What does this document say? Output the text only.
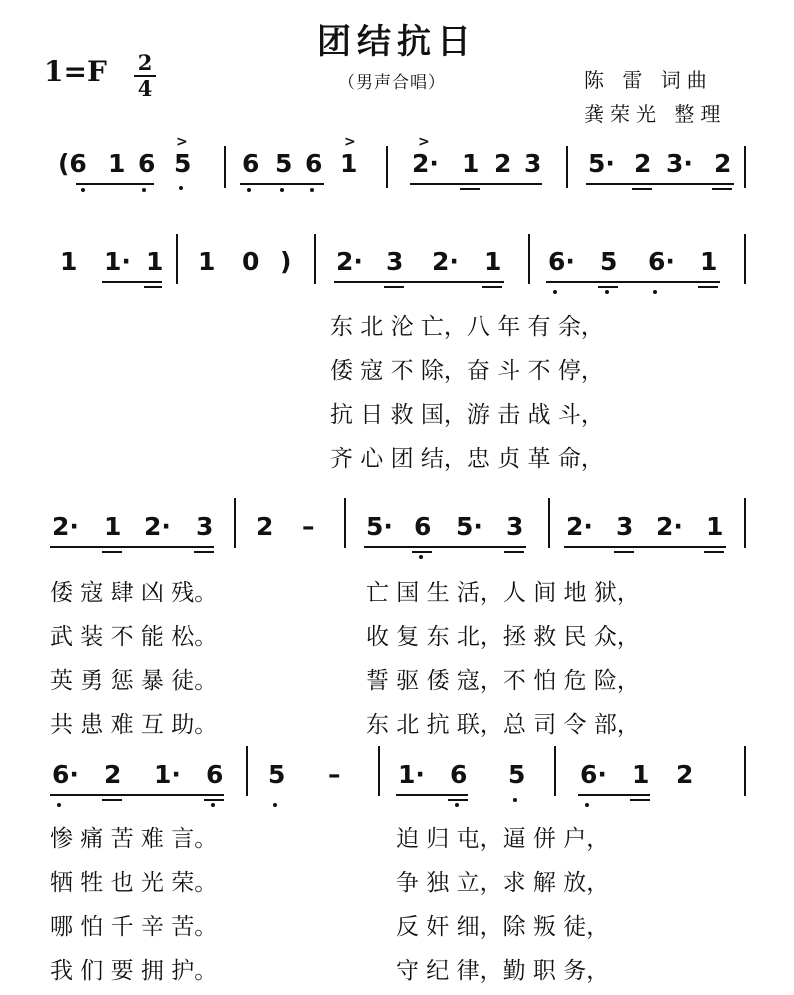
团结抗日
1=F 2
4	（男声合唱）	陈 雷 词曲
龚荣光 整理
(6 1 6 5
>
6 5 6 1
>
2·
>
1 2 3 5· 2 3· 2
1 1· 1 1 0 ) 2· 3 2· 1 6· 5 6· 1
东 北 沦 亡，八 年 有 余，
倭 寇 不 除，奋 斗 不 停，
抗 日 救 国，游 击 战 斗，
齐 心 团 结，忠 贞 革 命，
2· 1 2· 3 2 – 5· 6 5· 3 2· 3 2· 1
倭 寇 肆 凶 残。
武 装 不 能 松。
英 勇 惩 暴 徒。
共 患 难 互 助。
亡 国 生 活，人 间 地 狱，
收 复 东 北，拯 救 民 众，
誓 驱 倭 寇，不 怕 危 险，
东 北 抗 联，总 司 令 部，
6· 2 1· 6 5 – 1· 6 5 6· 1 2
惨 痛 苦 难 言。
牺 牲 也 光 荣。
哪 怕 千 辛 苦。
我 们 要 拥 护。
迫 归 屯，逼 併 户，
争 独 立，求 解 放，
反 奸 细，除 叛 徒，
守 纪 律，勤 职 务，
